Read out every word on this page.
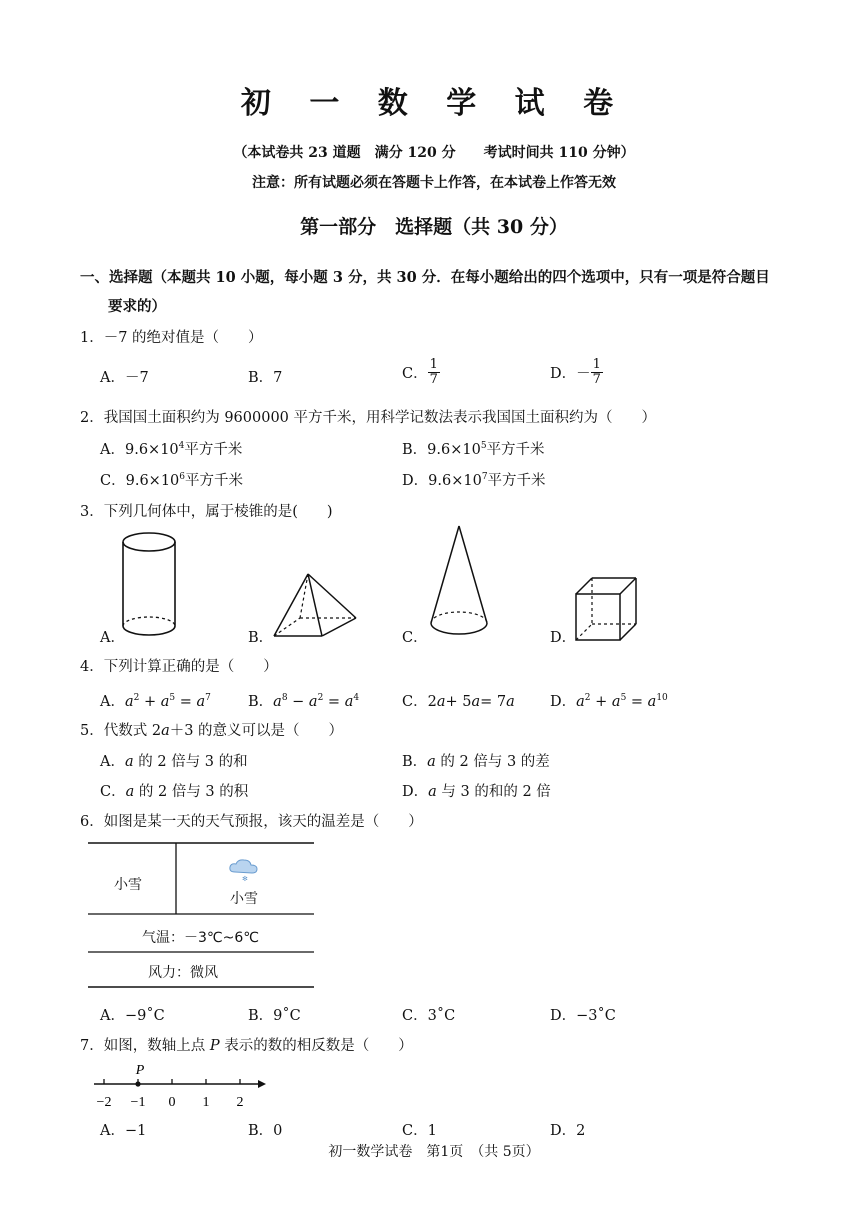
初 一 数 学 试 卷
（本试卷共 23 道题　满分 120 分　　考试时间共 110 分钟）
注意：所有试题必须在答题卡上作答，在本试卷上作答无效
第一部分　选择题（共 30 分）
一、选择题（本题共 10 小题，每小题 3 分，共 30 分．在每小题给出的四个选项中，只有一项是符合题目
要求的）
1．－7 的绝对值是（　　）
A．－7	B．7	C． $\frac{1}{7}$	D．－ $\frac{1}{7}$
2．我国国土面积约为 9600000 平方千米，用科学记数法表示我国国土面积约为（　　）
A．$9.6\times 10^4$平方千米	B．$9.6\times 10^5$平方千米
C．$9.6\times 10^6$平方千米	D．$9.6\times 10^7$平方千米
3．下列几何体中，属于棱锥的是(　　)
A．	B．	C．	D．
4．下列计算正确的是（　　）
A．$a^2 + a^5 = a^7$	B．$a^8 - a^2 = a^4$	C．2a+ 5a= 7a D．$a^2 + a^5 = a^{10}$
5．代数式 2a＋3 的意义可以是（　　）
A．a 的 2 倍与 3 的和	B．a 的 2 倍与 3 的差
C．a 的 2 倍与 3 的积	D．a 与 3 的和的 2 倍
6．如图是某一天的天气预报，该天的温差是（　　）
小雪	✻
小雪
气温：－3℃~6℃
风力：微风
A．−9˚C	B．9˚C	C．3˚C	D．−3˚C
7．如图，数轴上点 P 表示的数的相反数是（　　）
−2 −1 0 1 2
P
A．−1	B．0	C．1	D．2
初一数学试卷　第1页　（共 5页）
